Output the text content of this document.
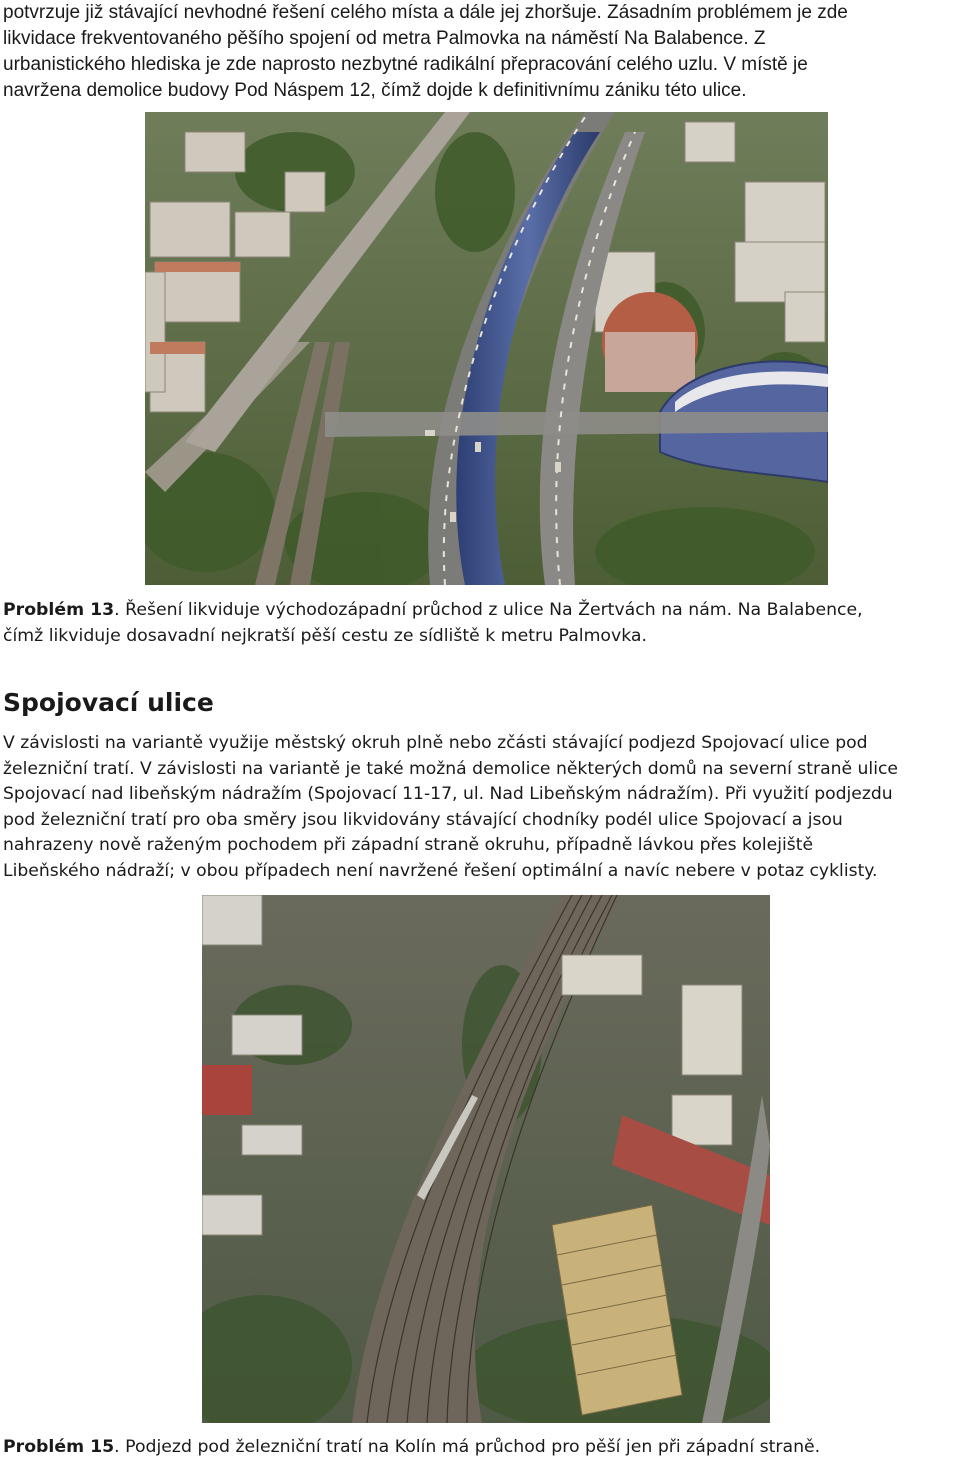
potvrzuje již stávající nevhodné řešení celého místa a dále jej zhoršuje. Zásadním problémem je zde
likvidace frekventovaného pěšího spojení od metra Palmovka na náměstí Na Balabence. Z
urbanistického hlediska je zde naprosto nezbytné radikální přepracování celého uzlu. V místě je
navržena demolice budovy Pod Náspem 12, čímž dojde k definitivnímu zániku této ulice.
Problém 13. Řešení likviduje východozápadní průchod z ulice Na Žertvách na nám. Na Balabence,
čímž likviduje dosavadní nejkratší pěší cestu ze sídliště k metru Palmovka.
Spojovací ulice
V závislosti na variantě využije městský okruh plně nebo zčásti stávající podjezd Spojovací ulice pod
železniční tratí. V závislosti na variantě je také možná demolice některých domů na severní straně ulice
Spojovací nad libeňským nádražím (Spojovací 11-17, ul. Nad Libeňským nádražím). Při využití podjezdu
pod železniční tratí pro oba směry jsou likvidovány stávající chodníky podél ulice Spojovací a jsou
nahrazeny nově raženým pochodem při západní straně okruhu, případně lávkou přes kolejiště
Libeňského nádraží; v obou případech není navržené řešení optimální a navíc nebere v potaz cyklisty.
Problém 15. Podjezd pod železniční tratí na Kolín má průchod pro pěší jen při západní straně.
